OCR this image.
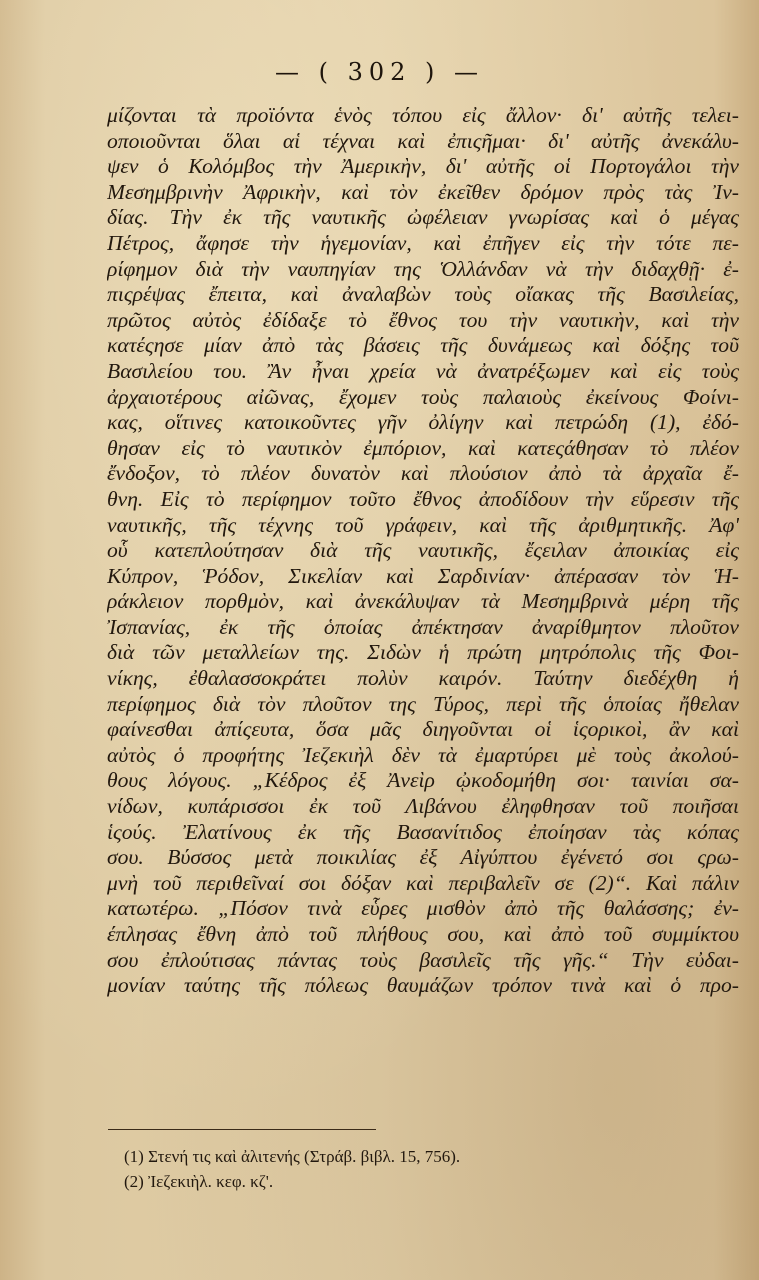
— ( 302 ) —
μίζονται τὰ προϊόντα ἑνὸς τόπου εἰς ἄλλον· δι' αὐτῆς τελει-
οποιοῦνται ὅλαι αἱ τέχναι καὶ ἐπιςῆμαι· δι' αὐτῆς ἀνεκάλυ-
ψεν ὁ Κολόμβος τὴν Ἀμερικὴν, δι' αὐτῆς οἱ Πορτογάλοι τὴν
Μεσημβρινὴν Ἀφρικὴν, καὶ τὸν ἐκεῖθεν δρόμον πρὸς τὰς Ἰν-
δίας. Τὴν ἐκ τῆς ναυτικῆς ὠφέλειαν γνωρίσας καὶ ὁ μέγας
Πέτρος, ἄφησε τὴν ἡγεμονίαν, καὶ ἐπῆγεν εἰς τὴν τότε πε-
ρίφημον διὰ τὴν ναυπηγίαν της Ὁλλάνδαν νὰ τὴν διδαχθῇ· ἐ-
πιςρέψας ἔπειτα, καὶ ἀναλαβὼν τοὺς οἴακας τῆς Βασιλείας,
πρῶτος αὐτὸς ἐδίδαξε τὸ ἔθνος του τὴν ναυτικὴν, καὶ τὴν
κατέςησε μίαν ἀπὸ τὰς βάσεις τῆς δυνάμεως καὶ δόξης τοῦ
Βασιλείου του. Ἂν ἦναι χρεία νὰ ἀνατρέξωμεν καὶ εἰς τοὺς
ἀρχαιοτέρους αἰῶνας, ἔχομεν τοὺς παλαιοὺς ἐκείνους Φοίνι-
κας, οἵτινες κατοικοῦντες γῆν ὀλίγην καὶ πετρώδη (1), ἐδό-
θησαν εἰς τὸ ναυτικὸν ἐμπόριον, καὶ κατεςάθησαν τὸ πλέον
ἔνδοξον, τὸ πλέον δυνατὸν καὶ πλούσιον ἀπὸ τὰ ἀρχαῖα ἔ-
θνη. Εἰς τὸ περίφημον τοῦτο ἔθνος ἀποδίδουν τὴν εὕρεσιν τῆς
ναυτικῆς, τῆς τέχνης τοῦ γράφειν, καὶ τῆς ἀριθμητικῆς. Ἀφ'
οὗ κατεπλούτησαν διὰ τῆς ναυτικῆς, ἔςειλαν ἀποικίας εἰς
Κύπρον, Ῥόδον, Σικελίαν καὶ Σαρδινίαν· ἀπέρασαν τὸν Ἡ-
ράκλειον πορθμὸν, καὶ ἀνεκάλυψαν τὰ Μεσημβρινὰ μέρη τῆς
Ἰσπανίας, ἐκ τῆς ὁποίας ἀπέκτησαν ἀναρίθμητον πλοῦτον
διὰ τῶν μεταλλείων της. Σιδὼν ἡ πρώτη μητρόπολις τῆς Φοι-
νίκης, ἐθαλασσοκράτει πολὺν καιρόν. Ταύτην διεδέχθη ἡ
περίφημος διὰ τὸν πλοῦτον της Τύρος, περὶ τῆς ὁποίας ἤθελαν
φαίνεσθαι ἀπίςευτα, ὅσα μᾶς διηγοῦνται οἱ ἱςορικοὶ, ἂν καὶ
αὐτὸς ὁ προφήτης Ἰεζεκιὴλ δὲν τὰ ἐμαρτύρει μὲ τοὺς ἀκολού-
θους λόγους. „Κέδρος ἐξ Ἀνεὶρ ᾠκοδομήθη σοι· ταινίαι σα-
νίδων, κυπάρισσοι ἐκ τοῦ Λιβάνου ἐληφθησαν τοῦ ποιῆσαι
ἱςούς. Ἐλατίνους ἐκ τῆς Βασανίτιδος ἐποίησαν τὰς κόπας
σου. Βύσσος μετὰ ποικιλίας ἐξ Αἰγύπτου ἐγένετό σοι ςρω-
μνὴ τοῦ περιθεῖναί σοι δόξαν καὶ περιβαλεῖν σε (2)“. Καὶ πάλιν
κατωτέρω. „Πόσον τινὰ εὗρες μισθὸν ἀπὸ τῆς θαλάσσης; ἐν-
έπλησας ἔθνη ἀπὸ τοῦ πλήθους σου, καὶ ἀπὸ τοῦ συμμίκτου
σου ἐπλούτισας πάντας τοὺς βασιλεῖς τῆς γῆς.“ Τὴν εὐδαι-
μονίαν ταύτης τῆς πόλεως θαυμάζων τρόπον τινὰ καὶ ὁ προ-
(1) Στενή τις καὶ ἀλιτενής (Στράβ. βιβλ. 15, 756).
(2) Ἰεζεκιὴλ. κεφ. κζ'.
